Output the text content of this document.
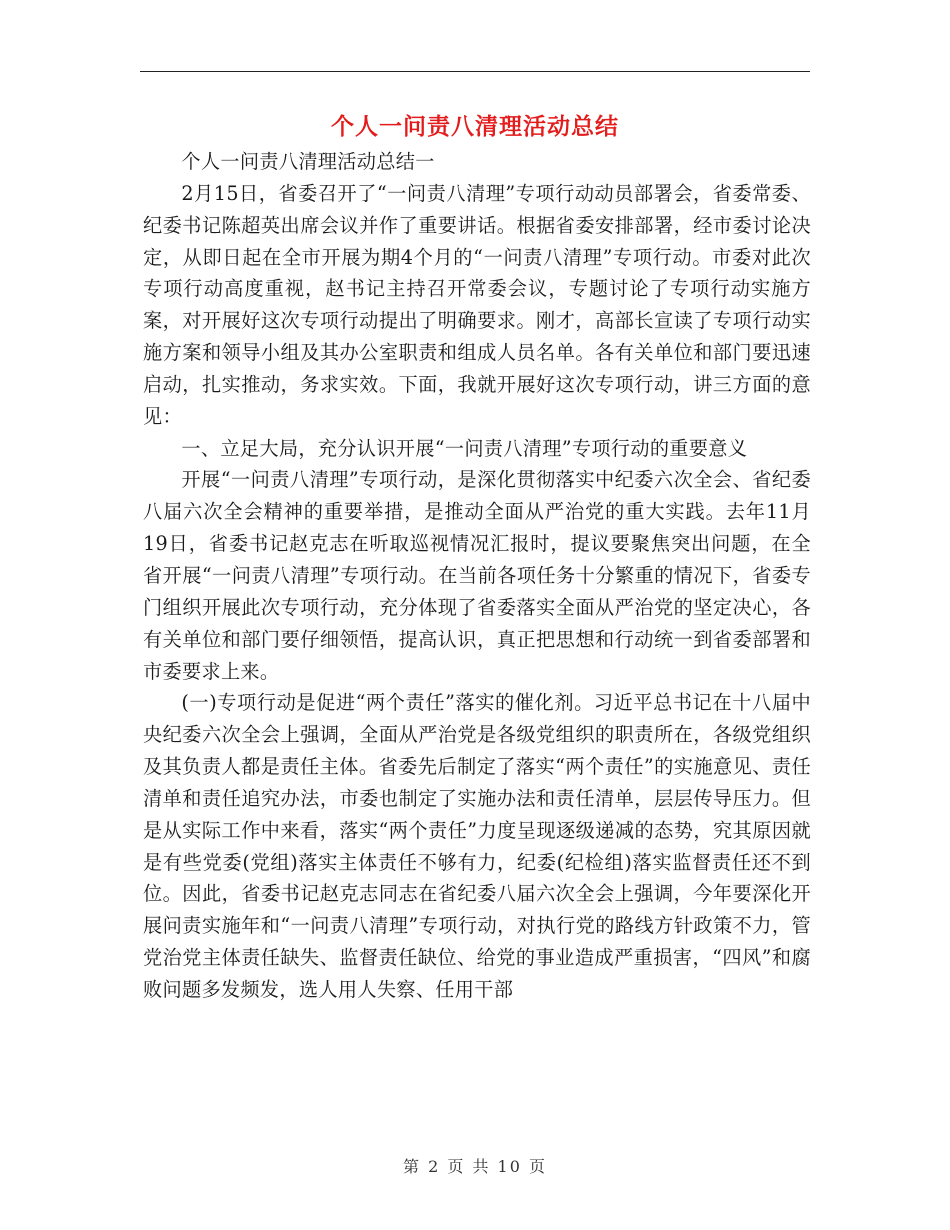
个人一问责八清理活动总结

个人一问责八清理活动总结一

2月15日，省委召开了“一问责八清理”专项行动动员部署会，省委常委、纪委书记陈超英出席会议并作了重要讲话。根据省委安排部署，经市委讨论决定，从即日起在全市开展为期4个月的“一问责八清理”专项行动。市委对此次专项行动高度重视，赵书记主持召开常委会议，专题讨论了专项行动实施方案，对开展好这次专项行动提出了明确要求。刚才，高部长宣读了专项行动实施方案和领导小组及其办公室职责和组成人员名单。各有关单位和部门要迅速启动，扎实推动，务求实效。下面，我就开展好这次专项行动，讲三方面的意见：

一、立足大局，充分认识开展“一问责八清理”专项行动的重要意义

开展“一问责八清理”专项行动，是深化贯彻落实中纪委六次全会、省纪委八届六次全会精神的重要举措，是推动全面从严治党的重大实践。去年11月19日，省委书记赵克志在听取巡视情况汇报时，提议要聚焦突出问题，在全省开展“一问责八清理”专项行动。在当前各项任务十分繁重的情况下，省委专门组织开展此次专项行动，充分体现了省委落实全面从严治党的坚定决心，各有关单位和部门要仔细领悟，提高认识，真正把思想和行动统一到省委部署和市委要求上来。

(一)专项行动是促进“两个责任”落实的催化剂。习近平总书记在十八届中央纪委六次全会上强调，全面从严治党是各级党组织的职责所在，各级党组织及其负责人都是责任主体。省委先后制定了落实“两个责任”的实施意见、责任清单和责任追究办法，市委也制定了实施办法和责任清单，层层传导压力。但是从实际工作中来看，落实“两个责任”力度呈现逐级递减的态势，究其原因就是有些党委(党组)落实主体责任不够有力，纪委(纪检组)落实监督责任还不到位。因此，省委书记赵克志同志在省纪委八届六次全会上强调，今年要深化开展问责实施年和“一问责八清理”专项行动，对执行党的路线方针政策不力，管党治党主体责任缺失、监督责任缺位、给党的事业造成严重损害，“四风”和腐败问题多发频发，选人用人失察、任用干部

第 2 页 共 10 页
